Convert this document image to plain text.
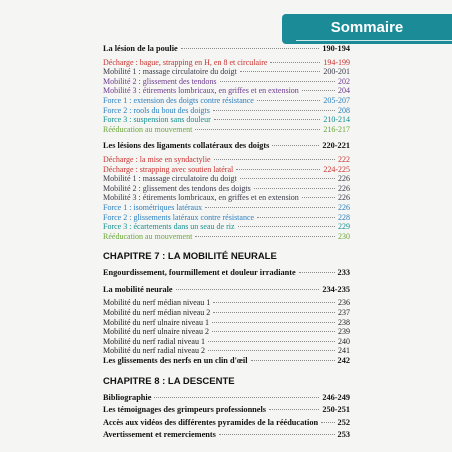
Sommaire
La lésion de la poulie	190-194
Décharge : bague, strapping en H, en 8 et circulaire	194-199
Mobilité 1 : massage circulatoire du doigt	200-201
Mobilité 2 : glissement des tendons	202
Mobilité 3 : étirements lombricaux, en griffes et en extension	204
Force 1 : extension des doigts contre résistance	205-207
Force 2 : rools du bout des doigts	208
Force 3 : suspension sans douleur	210-214
Rééducation au mouvement	216-217
Les lésions des ligaments collatéraux des doigts	220-221
Décharge : la mise en syndactylie	222
Décharge : strapping avec soutien latéral	224-225
Mobilité 1 : massage circulatoire du doigt	226
Mobilité 2 : glissement des tendons des doigts	226
Mobilité 3 : étirements lombricaux, en griffes et en extension	226
Force 1 : isométriques latéraux	226
Force 2 : glissements latéraux contre résistance	228
Force 3 : écartements dans un seau de riz	229
Rééducation au mouvement	230
CHAPITRE 7 : LA MOBILITÉ NEURALE
Engourdissement, fourmillement et douleur irradiante	233
La mobilité neurale	234-235
Mobilité du nerf médian niveau 1	236
Mobilité du nerf médian niveau 2	237
Mobilité du nerf ulnaire niveau 1	238
Mobilité du nerf ulnaire niveau 2	239
Mobilité du nerf radial niveau 1	240
Mobilité du nerf radial niveau 2	241
Les glissements des nerfs en un clin d'œil	242
CHAPITRE 8 : LA DESCENTE
Bibliographie	246-249
Les témoignages des grimpeurs professionnels	250-251
Accès aux vidéos des différentes pyramides de la rééducation 252
Avertissement et remerciements	253
